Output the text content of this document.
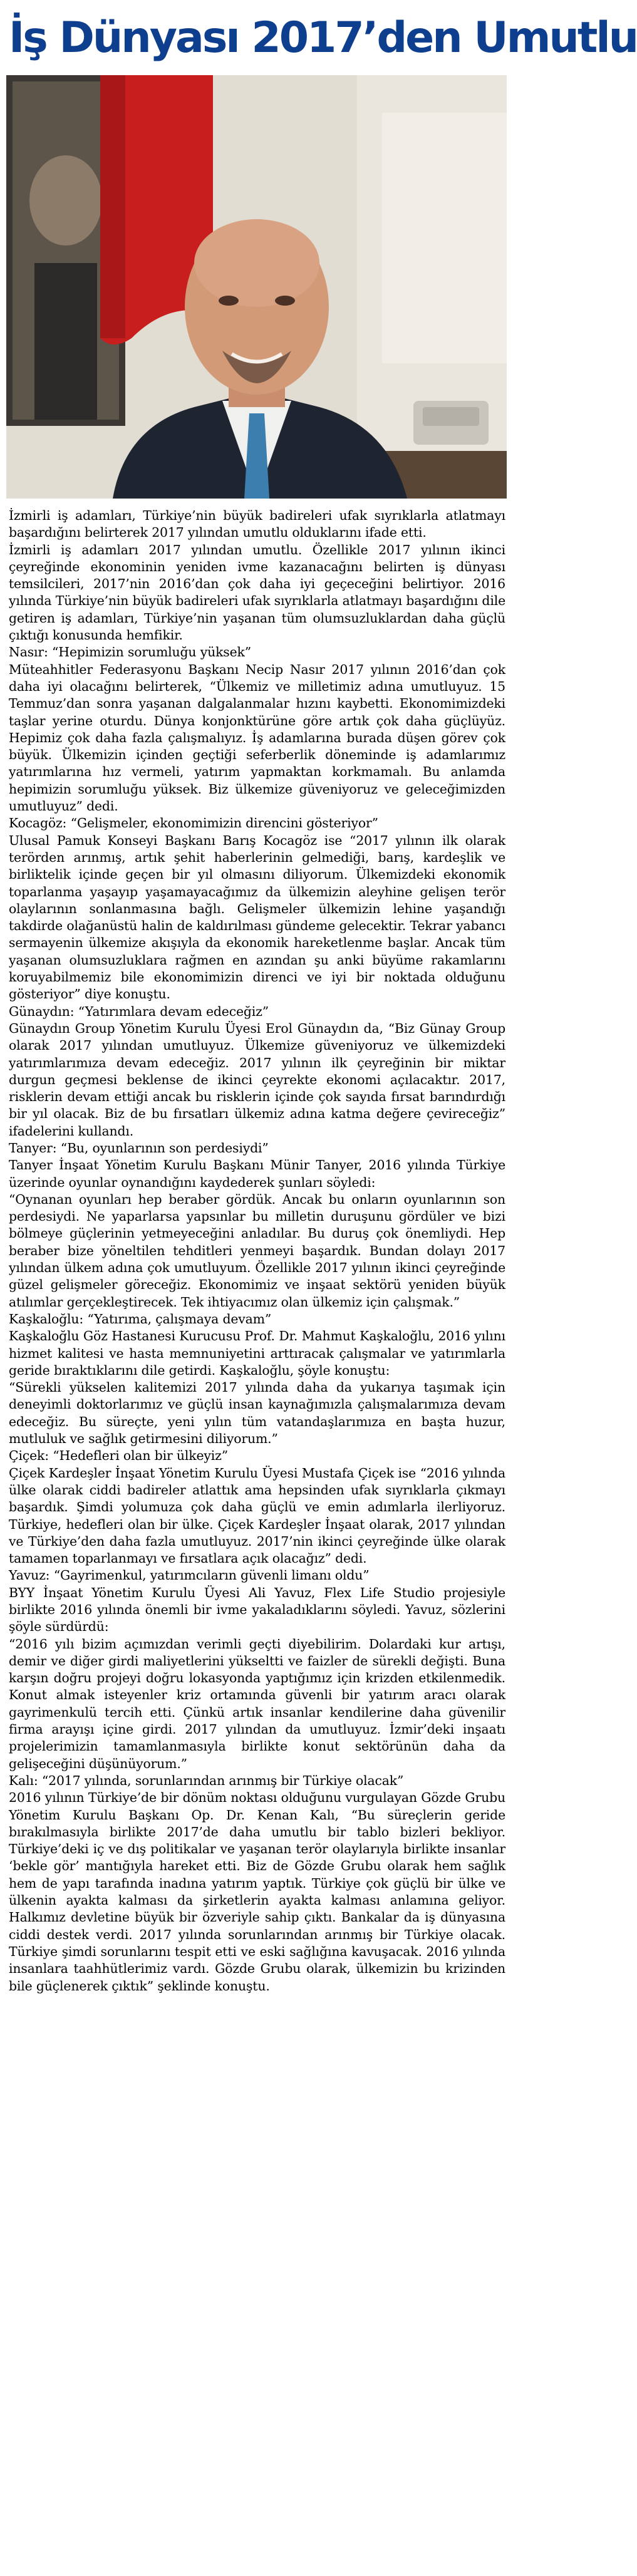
İş Dünyası 2017’den Umutlu

İzmirli iş adamları, Türkiye’nin büyük badireleri ufak sıyrıklarla atlatmayı başardığını belirterek 2017 yılından umutlu olduklarını ifade etti.

İzmirli iş adamları 2017 yılından umutlu. Özellikle 2017 yılının ikinci çeyreğinde ekonominin yeniden ivme kazanacağını belirten iş dünyası temsilcileri, 2017’nin 2016’dan çok daha iyi geçeceğini belirtiyor. 2016 yılında Türkiye’nin büyük badireleri ufak sıyrıklarla atlatmayı başardığını dile getiren iş adamları, Türkiye’nin yaşanan tüm olumsuzluklardan daha güçlü çıktığı konusunda hemfikir.

Nasır: “Hepimizin sorumluğu yüksek”

Müteahhitler Federasyonu Başkanı Necip Nasır 2017 yılının 2016’dan çok daha iyi olacağını belirterek, “Ülkemiz ve milletimiz adına umutluyuz. 15 Temmuz’dan sonra yaşanan dalgalanmalar hızını kaybetti. Ekonomimizdeki taşlar yerine oturdu. Dünya konjonktürüne göre artık çok daha güçlüyüz. Hepimiz çok daha fazla çalışmalıyız. İş adamlarına burada düşen görev çok büyük. Ülkemizin içinden geçtiği seferberlik döneminde iş adamlarımız yatırımlarına hız vermeli, yatırım yapmaktan korkmamalı. Bu anlamda hepimizin sorumluğu yüksek. Biz ülkemize güveniyoruz ve geleceğimizden umutluyuz” dedi.

Kocagöz: “Gelişmeler, ekonomimizin direncini gösteriyor”

Ulusal Pamuk Konseyi Başkanı Barış Kocagöz ise “2017 yılının ilk olarak terörden arınmış, artık şehit haberlerinin gelmediği, barış, kardeşlik ve birliktelik içinde geçen bir yıl olmasını diliyorum. Ülkemizdeki ekonomik toparlanma yaşayıp yaşamayacağımız da ülkemizin aleyhine gelişen terör olaylarının sonlanmasına bağlı. Gelişmeler ülkemizin lehine yaşandığı takdirde olağanüstü halin de kaldırılması gündeme gelecektir. Tekrar yabancı sermayenin ülkemize akışıyla da ekonomik hareketlenme başlar. Ancak tüm yaşanan olumsuzluklara rağmen en azından şu anki büyüme rakamlarını koruyabilmemiz bile ekonomimizin direnci ve iyi bir noktada olduğunu gösteriyor” diye konuştu.

Günaydın: “Yatırımlara devam edeceğiz”

Günaydın Group Yönetim Kurulu Üyesi Erol Günaydın da, “Biz Günay Group olarak 2017 yılından umutluyuz. Ülkemize güveniyoruz ve ülkemizdeki yatırımlarımıza devam edeceğiz. 2017 yılının ilk çeyreğinin bir miktar durgun geçmesi beklense de ikinci çeyrekte ekonomi açılacaktır. 2017, risklerin devam ettiği ancak bu risklerin içinde çok sayıda fırsat barındırdığı bir yıl olacak. Biz de bu fırsatları ülkemiz adına katma değere çevireceğiz” ifadelerini kullandı.

Tanyer: “Bu, oyunlarının son perdesiydi”

Tanyer İnşaat Yönetim Kurulu Başkanı Münir Tanyer, 2016 yılında Türkiye üzerinde oyunlar oynandığını kaydederek şunları söyledi:

“Oynanan oyunları hep beraber gördük. Ancak bu onların oyunlarının son perdesiydi. Ne yaparlarsa yapsınlar bu milletin duruşunu gördüler ve bizi bölmeye güçlerinin yetmeyeceğini anladılar. Bu duruş çok önemliydi. Hep beraber bize yöneltilen tehditleri yenmeyi başardık. Bundan dolayı 2017 yılından ülkem adına çok umutluyum. Özellikle 2017 yılının ikinci çeyreğinde güzel gelişmeler göreceğiz. Ekonomimiz ve inşaat sektörü yeniden büyük atılımlar gerçekleştirecek. Tek ihtiyacımız olan ülkemiz için çalışmak.”

Kaşkaloğlu: “Yatırıma, çalışmaya devam”

Kaşkaloğlu Göz Hastanesi Kurucusu Prof. Dr. Mahmut Kaşkaloğlu, 2016 yılını hizmet kalitesi ve hasta memnuniyetini arttıracak çalışmalar ve yatırımlarla geride bıraktıklarını dile getirdi. Kaşkaloğlu, şöyle konuştu:

“Sürekli yükselen kalitemizi 2017 yılında daha da yukarıya taşımak için deneyimli doktorlarımız ve güçlü insan kaynağımızla çalışmalarımıza devam edeceğiz. Bu süreçte, yeni yılın tüm vatandaşlarımıza en başta huzur, mutluluk ve sağlık getirmesini diliyorum.”

Çiçek: “Hedefleri olan bir ülkeyiz”

Çiçek Kardeşler İnşaat Yönetim Kurulu Üyesi Mustafa Çiçek ise “2016 yılında ülke olarak ciddi badireler atlattık ama hepsinden ufak sıyrıklarla çıkmayı başardık. Şimdi yolumuza çok daha güçlü ve emin adımlarla ilerliyoruz. Türkiye, hedefleri olan bir ülke. Çiçek Kardeşler İnşaat olarak, 2017 yılından ve Türkiye’den daha fazla umutluyuz. 2017’nin ikinci çeyreğinde ülke olarak tamamen toparlanmayı ve fırsatlara açık olacağız” dedi.

Yavuz: “Gayrimenkul, yatırımcıların güvenli limanı oldu”

BYY İnşaat Yönetim Kurulu Üyesi Ali Yavuz, Flex Life Studio projesiyle birlikte 2016 yılında önemli bir ivme yakaladıklarını söyledi. Yavuz, sözlerini şöyle sürdürdü:

“2016 yılı bizim açımızdan verimli geçti diyebilirim. Dolardaki kur artışı, demir ve diğer girdi maliyetlerini yükseltti ve faizler de sürekli değişti. Buna karşın doğru projeyi doğru lokasyonda yaptığımız için krizden etkilenmedik. Konut almak isteyenler kriz ortamında güvenli bir yatırım aracı olarak gayrimenkulü tercih etti. Çünkü artık insanlar kendilerine daha güvenilir firma arayışı içine girdi. 2017 yılından da umutluyuz. İzmir’deki inşaatı projelerimizin tamamlanmasıyla birlikte konut sektörünün daha da gelişeceğini düşünüyorum.”

Kalı: “2017 yılında, sorunlarından arınmış bir Türkiye olacak”

2016 yılının Türkiye’de bir dönüm noktası olduğunu vurgulayan Gözde Grubu Yönetim Kurulu Başkanı Op. Dr. Kenan Kalı, “Bu süreçlerin geride bırakılmasıyla birlikte 2017’de daha umutlu bir tablo bizleri bekliyor. Türkiye’deki iç ve dış politikalar ve yaşanan terör olaylarıyla birlikte insanlar ‘bekle gör’ mantığıyla hareket etti. Biz de Gözde Grubu olarak hem sağlık hem de yapı tarafında inadına yatırım yaptık. Türkiye çok güçlü bir ülke ve ülkenin ayakta kalması da şirketlerin ayakta kalması anlamına geliyor. Halkımız devletine büyük bir özveriyle sahip çıktı. Bankalar da iş dünyasına ciddi destek verdi. 2017 yılında sorunlarından arınmış bir Türkiye olacak. Türkiye şimdi sorunlarını tespit etti ve eski sağlığına kavuşacak. 2016 yılında insanlara taahhütlerimiz vardı. Gözde Grubu olarak, ülkemizin bu krizinden bile güçlenerek çıktık” şeklinde konuştu.
